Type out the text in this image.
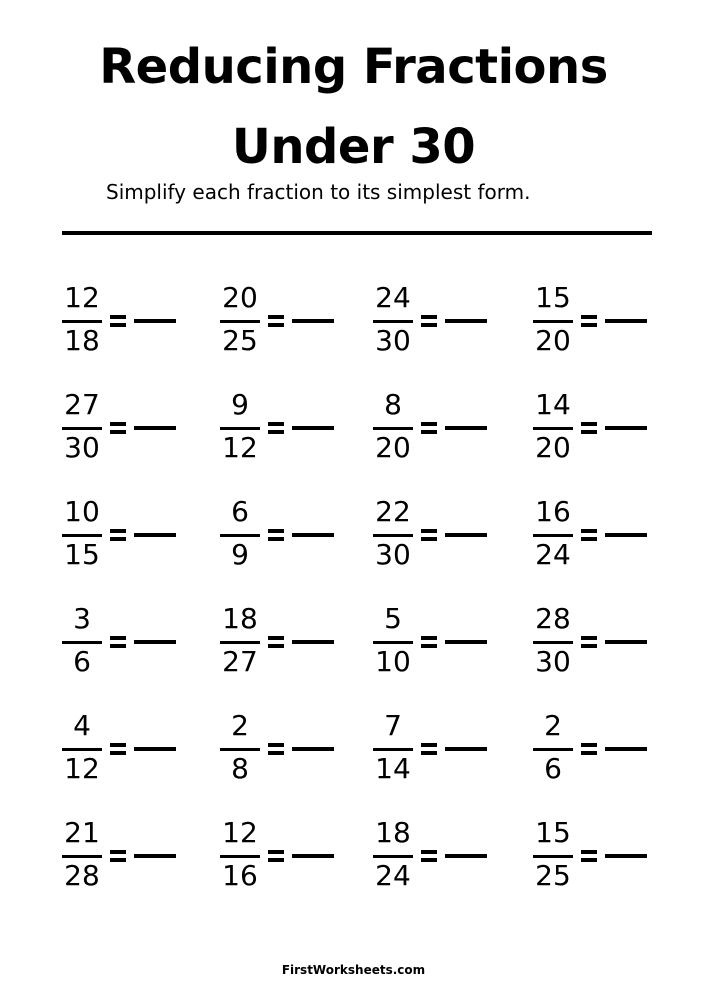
Reducing Fractions
Under 30
Simplify each fraction to its simplest form.
12
18
20
25
24
30
15
20
27
30
9
12
8
20
14
20
10
15
6
9
22
30
16
24
3
6
18
27
5
10
28
30
4
12
2
8
7
14
2
6
21
28
12
16
18
24
15
25
FirstWorksheets.com
